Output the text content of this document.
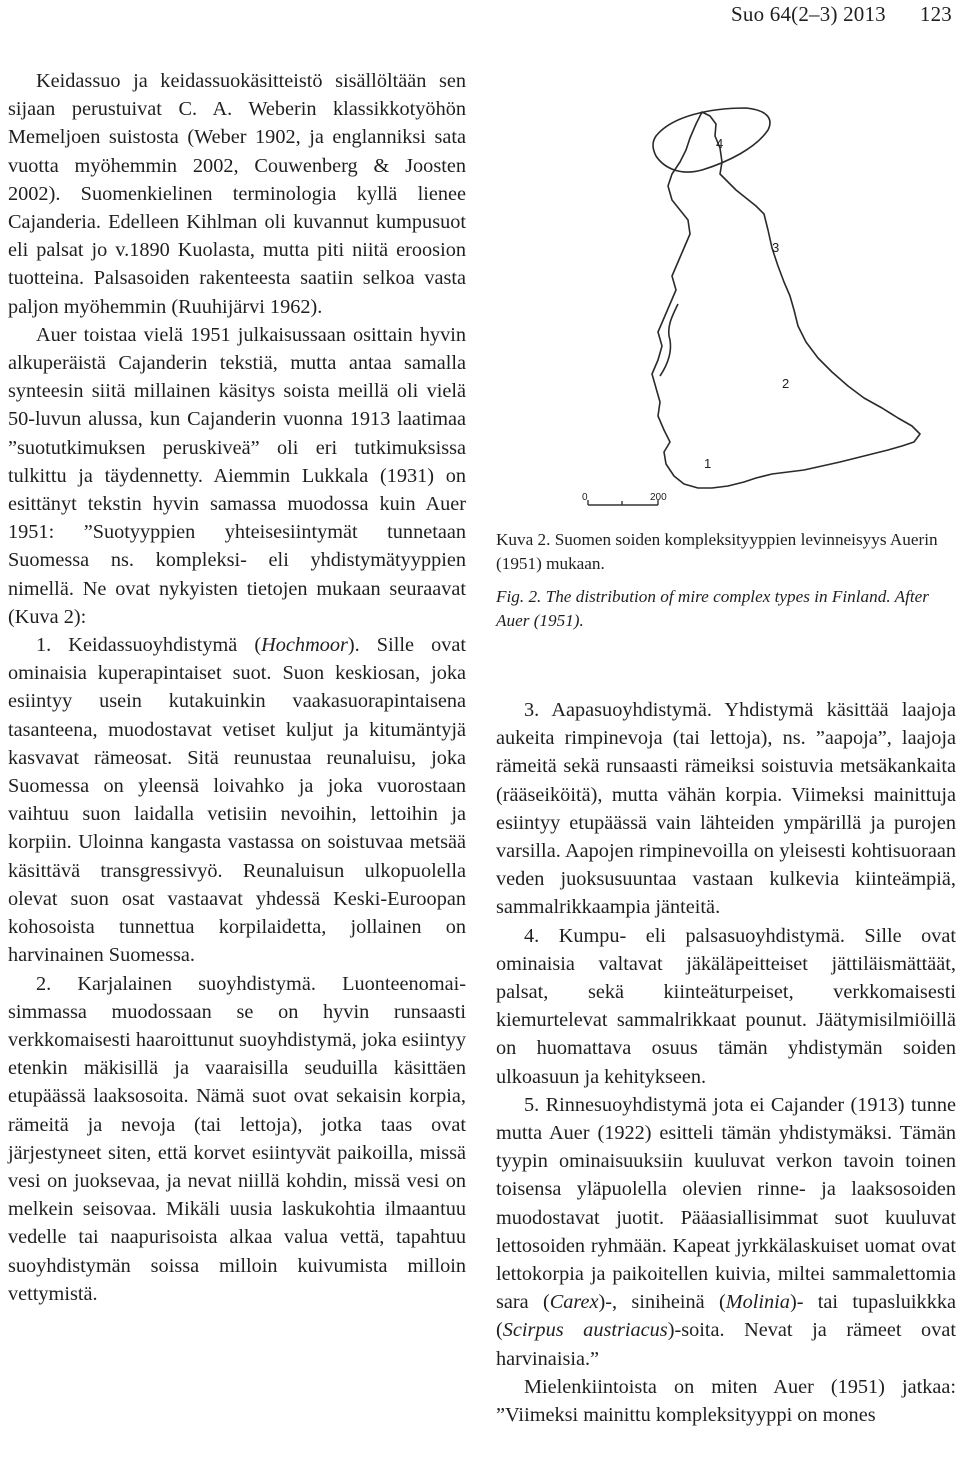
Suo 64(2–3) 2013 123

Keidassuo ja keidassuokäsitteistö sisällöltään sen sijaan perustuivat C. A. Weberin klassikkotyöhön Memeljoen suistosta (Weber 1902, ja englanniksi sata vuotta myöhemmin 2002, Couwenberg & Joosten 2002). Suomenkielinen terminologia kyllä lienee Cajanderia. Edelleen Kihlman oli kuvannut kumpusuot eli palsat jo v.1890 Kuolasta, mutta piti niitä eroosion tuotteina. Palsasoiden rakenteesta saatiin selkoa vasta paljon myöhemmin (Ruuhijärvi 1962).

Auer toistaa vielä 1951 julkaisussaan osittain hyvin alkuperäistä Cajanderin tekstiä, mutta antaa samalla synteesin siitä millainen käsitys soista meillä oli vielä 50-luvun alussa, kun Cajanderin vuonna 1913 laatimaa ”suotutkimuksen peruskiveä” oli eri tutkimuksissa tulkittu ja täydennetty. Aiemmin Lukkala (1931) on esittänyt tekstin hyvin samassa muodossa kuin Auer 1951: ”Suotyyppien yhteisesiintymät tunnetaan Suomessa ns. kompleksi- eli yhdistymätyyppien nimellä. Ne ovat nykyisten tietojen mukaan seuraavat (Kuva 2):

1. Keidassuoyhdistymä (Hochmoor). Sille ovat ominaisia kuperapintaiset suot. Suon keskiosan, joka esiintyy usein kutakuinkin vaakasuorapintaisena tasanteena, muodostavat vetiset kuljut ja kitumäntyjä kasvavat rämeosat. Sitä reunustaa reunaluisu, joka Suomessa on yleensä loivahko ja joka vuorostaan vaihtuu suon laidalla vetisiin nevoihin, lettoihin ja korpiin. Uloinna kangasta vastassa on soistuvaa metsää käsittävä transgressivyö. Reunaluisun ulkopuolella olevat suon osat vastaavat yhdessä Keski-Euroopan kohosoista tunnettua korpilaidetta, jollainen on harvinainen Suomessa.

2. Karjalainen suoyhdistymä. Luonteenomaisimmassa muodossaan se on hyvin runsaasti verkkomaisesti haaroittunut suoyhdistymä, joka esiintyy etenkin mäkisillä ja vaaraisilla seuduilla käsittäen etupäässä laaksosoita. Nämä suot ovat sekaisin korpia, rämeitä ja nevoja (tai lettoja), jotka taas ovat järjestyneet siten, että korvet esiintyvät paikoilla, missä vesi on juoksevaa, ja nevat niillä kohdin, missä vesi on melkein seisovaa. Mikäli uusia laskukohtia ilmaantuu vedelle tai naapurisoista alkaa valua vettä, tapahtuu suoyhdistymän soissa milloin kuivumista milloin vettymistä.

4
3
2
1
0	200

Kuva 2. Suomen soiden kompleksityyppien levinneisyys Auerin (1951) mukaan.

Fig. 2. The distribution of mire complex types in Finland. After Auer (1951).

3. Aapasuoyhdistymä. Yhdistymä käsittää laajoja aukeita rimpinevoja (tai lettoja), ns. ”aapoja”, laajoja rämeitä sekä runsaasti rämeiksi soistuvia metsäkankaita (rääseiköitä), mutta vähän korpia. Viimeksi mainittuja esiintyy etupäässä vain lähteiden ympärillä ja purojen varsilla. Aapojen rimpinevoilla on yleisesti kohtisuoraan veden juoksusuuntaa vastaan kulkevia kiinteämpiä, sammalrikkaampia jänteitä.

4. Kumpu- eli palsasuoyhdistymä. Sille ovat ominaisia valtavat jäkäläpeitteiset jättiläismättäät, palsat, sekä kiinteäturpeiset, verkkomaisesti kiemurtelevat sammalrikkaat pounut. Jäätymisilmiöillä on huomattava osuus tämän yhdistymän soiden ulkoasuun ja kehitykseen.

5. Rinnesuoyhdistymä jota ei Cajander (1913) tunne mutta Auer (1922) esitteli tämän yhdistymäksi. Tämän tyypin ominaisuuksiin kuuluvat verkon tavoin toinen toisensa yläpuolella olevien rinne- ja laaksosoiden muodostavat juotit. Pääasiallisimmat suot kuuluvat lettosoiden ryhmään. Kapeat jyrkkälaskuiset uomat ovat lettokorpia ja paikoitellen kuivia, miltei sammalettomia sara (Carex)-, siniheinä (Molinia)- tai tupasluikkka (Scirpus austriacus)-soita. Nevat ja rämeet ovat harvinaisia.”

Mielenkiintoista on miten Auer (1951) jatkaa: ”Viimeksi mainittu kompleksityyppi on mones
